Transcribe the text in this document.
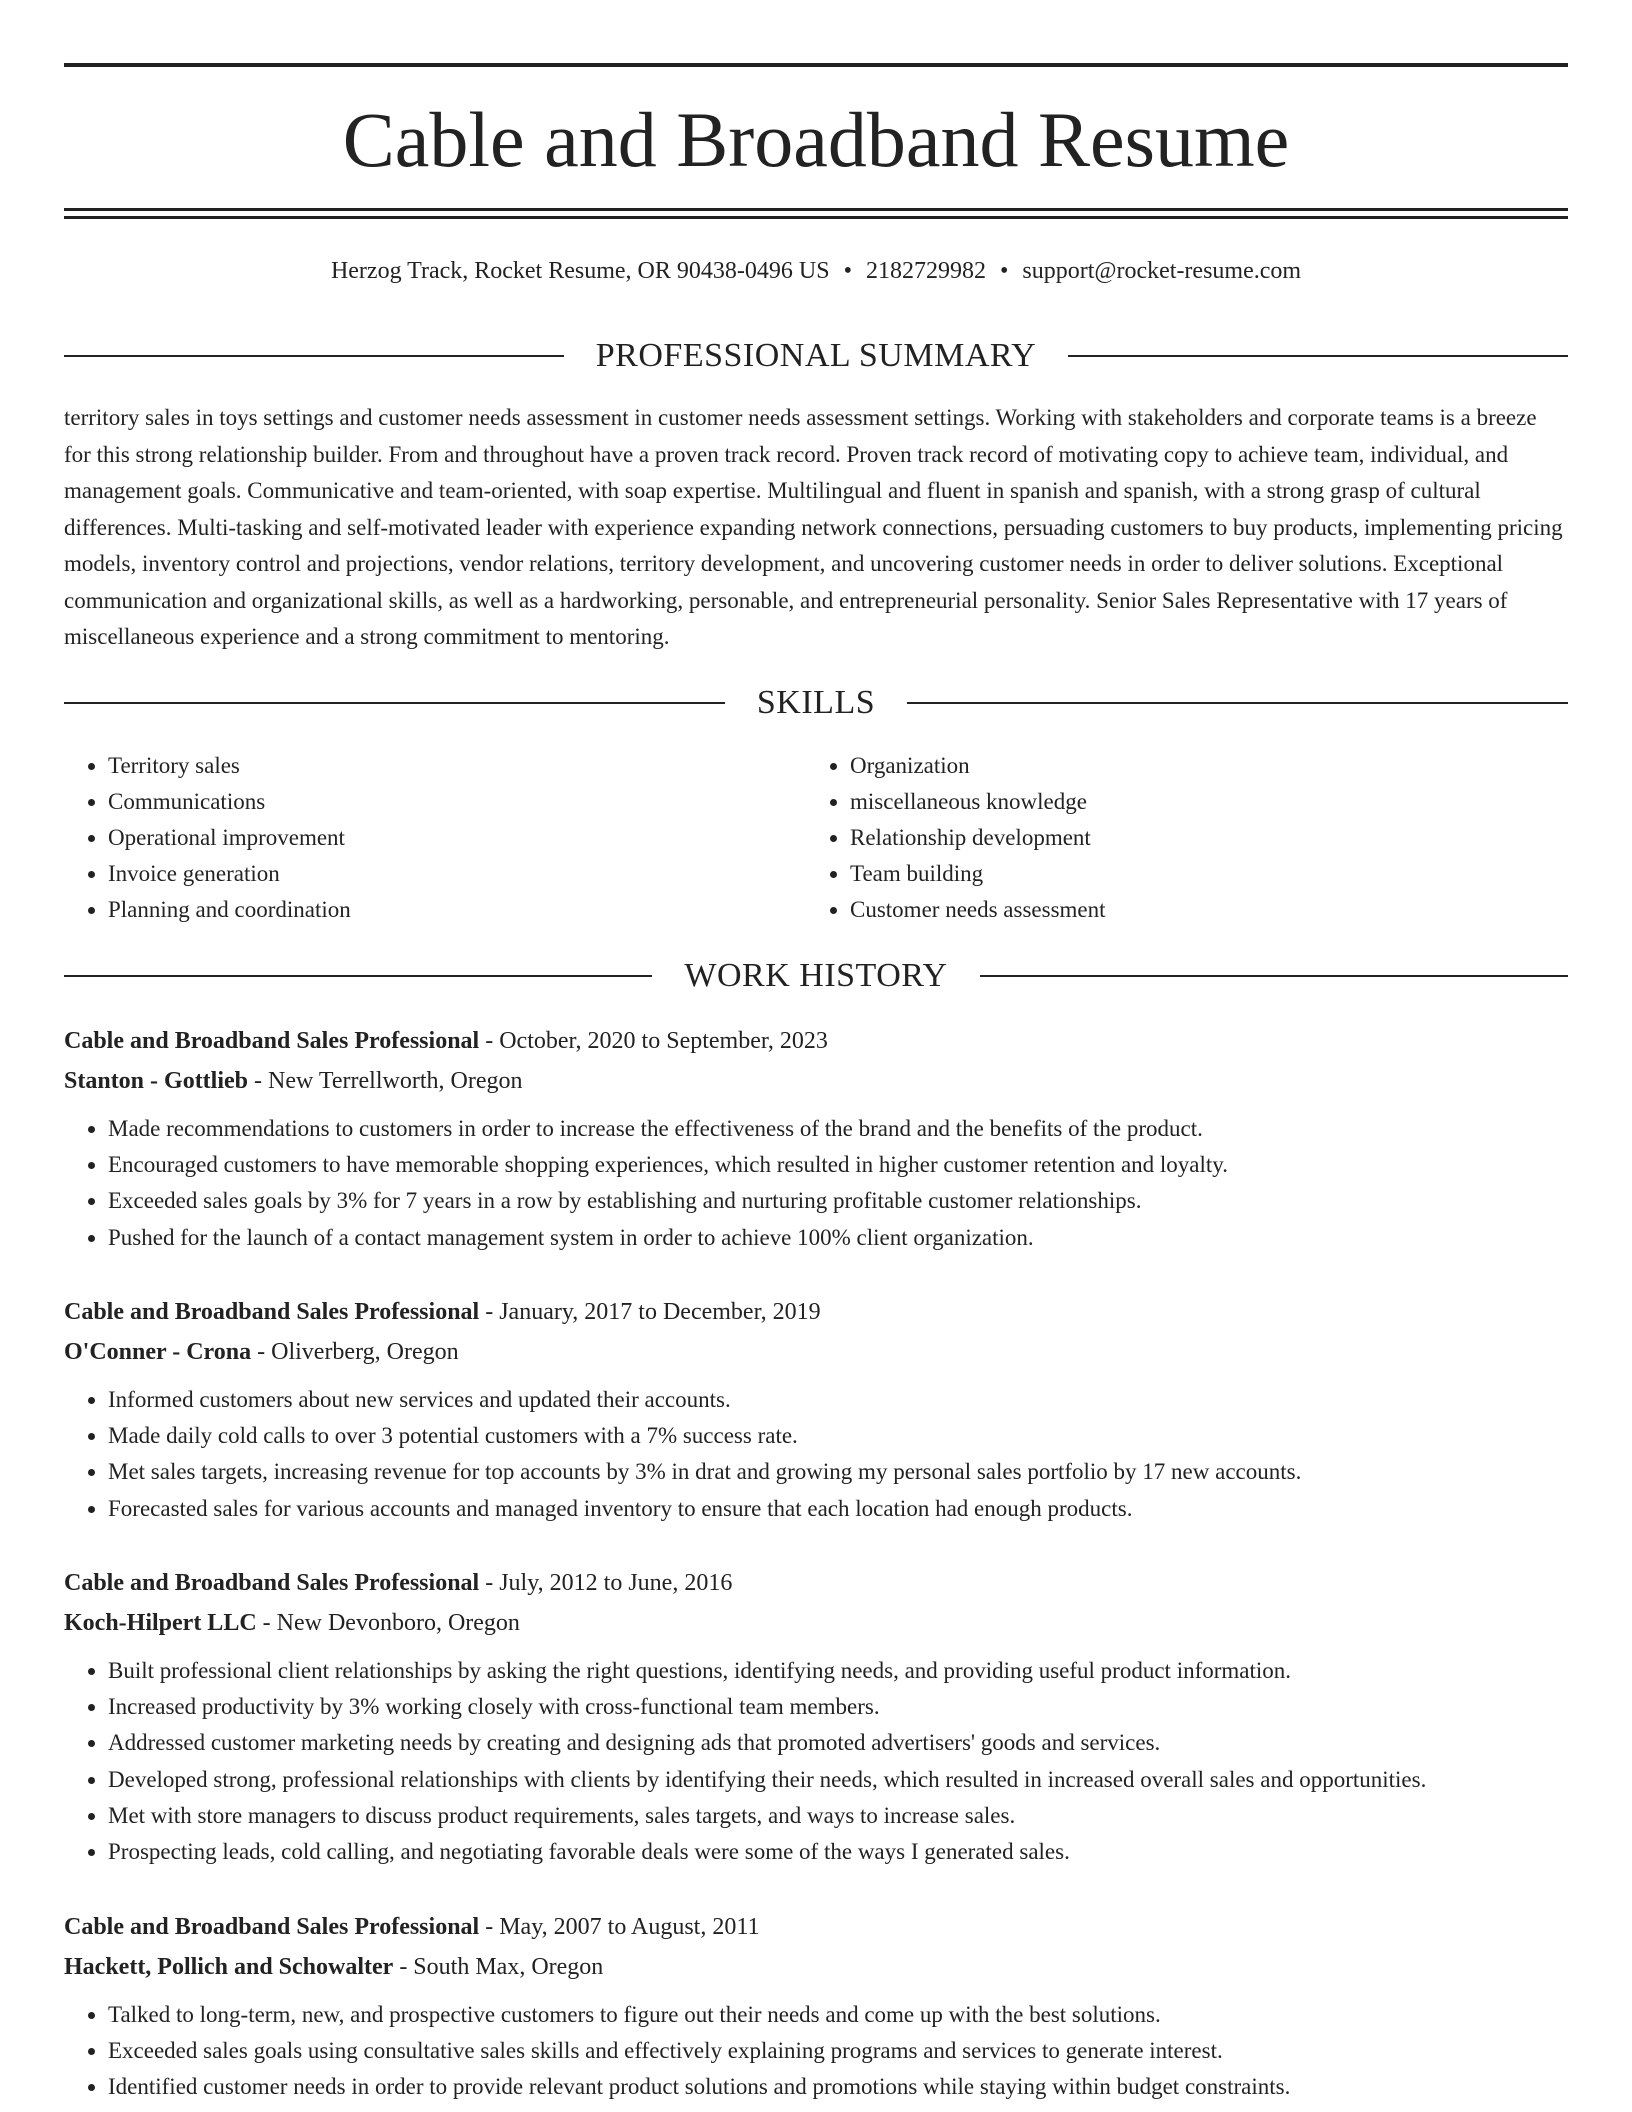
Cable and Broadband Resume
Herzog Track, Rocket Resume, OR 90438-0496 US • 2182729982 • support@rocket-resume.com
PROFESSIONAL SUMMARY

territory sales in toys settings and customer needs assessment in customer needs assessment settings. Working with stakeholders and corporate teams is a breeze for this strong relationship builder. From and throughout have a proven track record. Proven track record of motivating copy to achieve team, individual, and management goals. Communicative and team-oriented, with soap expertise. Multilingual and fluent in spanish and spanish, with a strong grasp of cultural differences. Multi-tasking and self-motivated leader with experience expanding network connections, persuading customers to buy products, implementing pricing models, inventory control and projections, vendor relations, territory development, and uncovering customer needs in order to deliver solutions. Exceptional communication and organizational skills, as well as a hardworking, personable, and entrepreneurial personality. Senior Sales Representative with 17 years of miscellaneous experience and a strong commitment to mentoring.

SKILLS
• Territory sales
• Communications
• Operational improvement
• Invoice generation
• Planning and coordination
• Organization
• miscellaneous knowledge
• Relationship development
• Team building
• Customer needs assessment
WORK HISTORY
Cable and Broadband Sales Professional - October, 2020 to September, 2023
Stanton - Gottlieb - New Terrellworth, Oregon
• Made recommendations to customers in order to increase the effectiveness of the brand and the benefits of the product.
• Encouraged customers to have memorable shopping experiences, which resulted in higher customer retention and loyalty.
• Exceeded sales goals by 3% for 7 years in a row by establishing and nurturing profitable customer relationships.
• Pushed for the launch of a contact management system in order to achieve 100% client organization.
Cable and Broadband Sales Professional - January, 2017 to December, 2019
O'Conner - Crona - Oliverberg, Oregon
• Informed customers about new services and updated their accounts.
• Made daily cold calls to over 3 potential customers with a 7% success rate.
• Met sales targets, increasing revenue for top accounts by 3% in drat and growing my personal sales portfolio by 17 new accounts.
• Forecasted sales for various accounts and managed inventory to ensure that each location had enough products.
Cable and Broadband Sales Professional - July, 2012 to June, 2016
Koch-Hilpert LLC - New Devonboro, Oregon
• Built professional client relationships by asking the right questions, identifying needs, and providing useful product information.
• Increased productivity by 3% working closely with cross-functional team members.
• Addressed customer marketing needs by creating and designing ads that promoted advertisers' goods and services.
• Developed strong, professional relationships with clients by identifying their needs, which resulted in increased overall sales and opportunities.
• Met with store managers to discuss product requirements, sales targets, and ways to increase sales.
• Prospecting leads, cold calling, and negotiating favorable deals were some of the ways I generated sales.
Cable and Broadband Sales Professional - May, 2007 to August, 2011
Hackett, Pollich and Schowalter - South Max, Oregon
• Talked to long-term, new, and prospective customers to figure out their needs and come up with the best solutions.
• Exceeded sales goals using consultative sales skills and effectively explaining programs and services to generate interest.
• Identified customer needs in order to provide relevant product solutions and promotions while staying within budget constraints.
